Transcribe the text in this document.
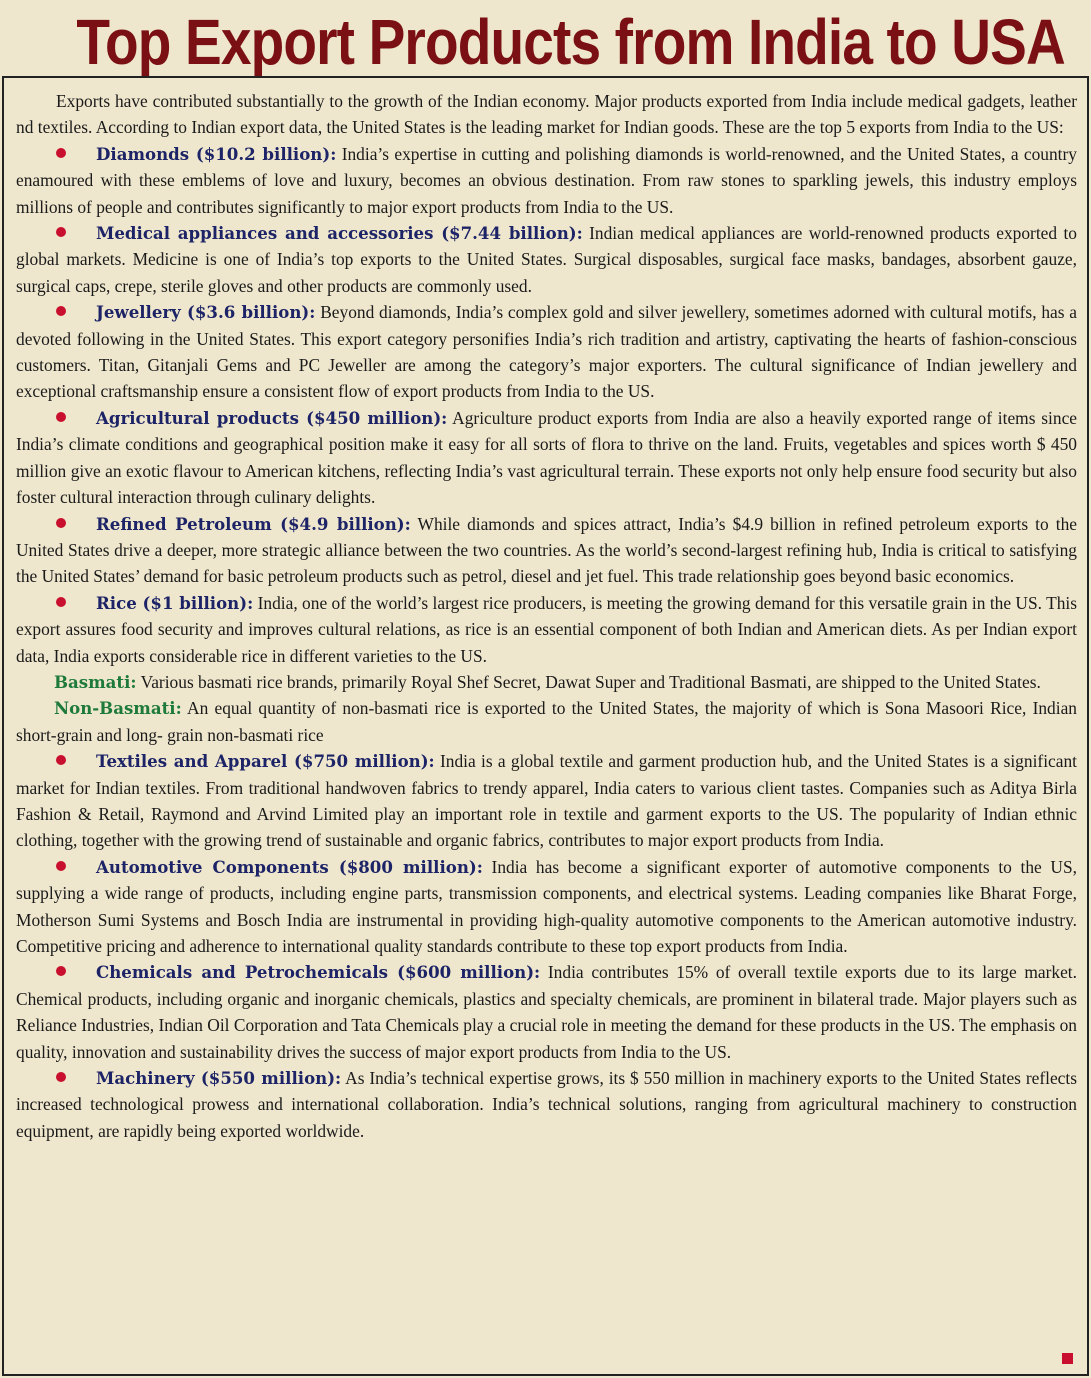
Top Export Products from India to USA

Exports have contributed substantially to the growth of the Indian economy. Major products exported from India include medical gadgets, leather nd textiles. According to Indian export data, the United States is the leading market for Indian goods. These are the top 5 exports from India to the US:

Diamonds ($10.2 billion): India’s expertise in cutting and polishing diamonds is world-renowned, and the United States, a country enamoured with these emblems of love and luxury, becomes an obvious destination. From raw stones to sparkling jewels, this industry employs millions of people and contributes significantly to major export products from India to the US.

Medical appliances and accessories ($7.44 billion): Indian medical appliances are world-renowned products exported to global markets. Medicine is one of India’s top exports to the United States. Surgical disposables, surgical face masks, bandages, absorbent gauze, surgical caps, crepe, sterile gloves and other products are commonly used.

Jewellery ($3.6 billion): Beyond diamonds, India’s complex gold and silver jewellery, sometimes adorned with cultural motifs, has a devoted following in the United States. This export category personifies India’s rich tradition and artistry, captivating the hearts of fashion-conscious customers. Titan, Gitanjali Gems and PC Jeweller are among the category’s major exporters. The cultural significance of Indian jewellery and exceptional craftsmanship ensure a consistent flow of export products from India to the US.

Agricultural products ($450 million): Agriculture product exports from India are also a heavily exported range of items since India’s climate conditions and geographical position make it easy for all sorts of flora to thrive on the land. Fruits, vegetables and spices worth $ 450 million give an exotic flavour to American kitchens, reflecting India’s vast agricultural terrain. These exports not only help ensure food security but also foster cultural interaction through culinary delights.

Refined Petroleum ($4.9 billion): While diamonds and spices attract, India’s $4.9 billion in refined petroleum exports to the United States drive a deeper, more strategic alliance between the two countries. As the world’s second-largest refining hub, India is critical to satisfying the United States’ demand for basic petroleum products such as petrol, diesel and jet fuel. This trade relationship goes beyond basic economics.

Rice ($1 billion): India, one of the world’s largest rice producers, is meeting the growing demand for this versatile grain in the US. This export assures food security and improves cultural relations, as rice is an essential component of both Indian and American diets. As per Indian export data, India exports considerable rice in different varieties to the US.

Basmati: Various basmati rice brands, primarily Royal Shef Secret, Dawat Super and Traditional Basmati, are shipped to the United States.

Non-Basmati: An equal quantity of non-basmati rice is exported to the United States, the majority of which is Sona Masoori Rice, Indian short-grain and long- grain non-basmati rice

Textiles and Apparel ($750 million): India is a global textile and garment production hub, and the United States is a significant market for Indian textiles. From traditional handwoven fabrics to trendy apparel, India caters to various client tastes. Companies such as Aditya Birla Fashion & Retail, Raymond and Arvind Limited play an important role in textile and garment exports to the US. The popularity of Indian ethnic clothing, together with the growing trend of sustainable and organic fabrics, contributes to major export products from India.

Automotive Components ($800 million): India has become a significant exporter of automotive components to the US, supplying a wide range of products, including engine parts, transmission components, and electrical systems. Leading companies like Bharat Forge, Motherson Sumi Systems and Bosch India are instrumental in providing high-quality automotive components to the American automotive industry. Competitive pricing and adherence to international quality standards contribute to these top export products from India.

Chemicals and Petrochemicals ($600 million): India contributes 15% of overall textile exports due to its large market. Chemical products, including organic and inorganic chemicals, plastics and specialty chemicals, are prominent in bilateral trade. Major players such as Reliance Industries, Indian Oil Corporation and Tata Chemicals play a crucial role in meeting the demand for these products in the US. The emphasis on quality, innovation and sustainability drives the success of major export products from India to the US.

Machinery ($550 million): As India’s technical expertise grows, its $ 550 million in machinery exports to the United States reflects increased technological prowess and international collaboration. India’s technical solutions, ranging from agricultural machinery to construction equipment, are rapidly being exported worldwide.
